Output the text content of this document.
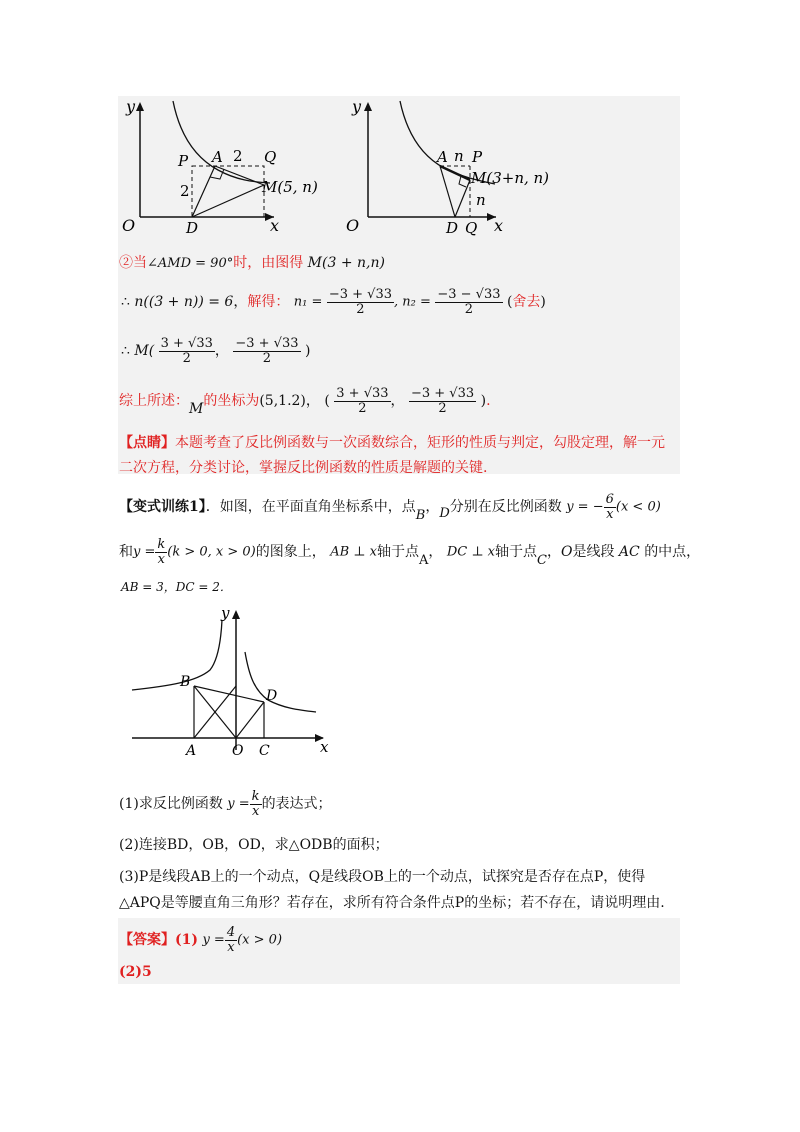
y
O	x
P A 2 Q
2	M(5, n)
D
y
O	x
A n P
M(3+n, n)
n
D Q
②当∠AMD = 90°时，由图得 M(3 + n,n)
∴ n((3 + n)) = 6，解得： $n_1 = \frac{-3 + √33}{2}$ , $n_2 = \frac{-3 - √33}{2}$ (舍去)
∴ $M( \frac{3 + √33}{2}$ ， $\frac{-3 + √33}{2}$ )
综上所述：M的坐标为(5,1.2)， ( $\frac{3 + √33}{2}$ ， $\frac{-3 + √33}{2}$ ).
【点睛】本题考查了反比例函数与一次函数综合，矩形的性质与判定，勾股定理，解一元
二次方程，分类讨论，掌握反比例函数的性质是解题的关键.
【变式训练1】．如图，在平面直角坐标系中，点B，D分别在反比例函数 y = − $\frac{6}{x} (x < 0)$
和$y = \frac{k}{x} (k > 0$, x > 0)的图象上， AB ⊥ x轴于点A， DC ⊥ x轴于点C，O是线段 AC 的中点，
AB = 3，DC = 2．
y
x
B
D
A	O C
(1)求反比例函数 $y = \frac{k}{x}$ 的表达式；
(2)连接BD，OB，OD，求△ODB的面积；
(3)P是线段AB上的一个动点，Q是线段OB上的一个动点，试探究是否存在点P，使得
△APQ是等腰直角三角形？若存在，求所有符合条件点P的坐标；若不存在，请说明理由.
【答案】(1) $y = \frac{4}{x} (x > 0)$
(2)5
